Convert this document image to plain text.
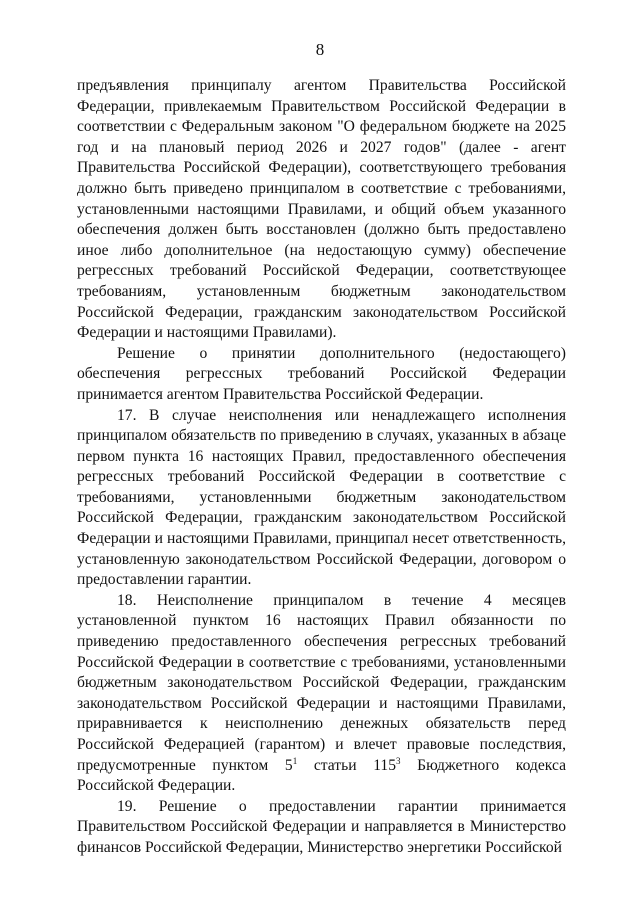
8

предъявления принципалу агентом Правительства Российской Федерации, привлекаемым Правительством Российской Федерации в соответствии с Федеральным законом "О федеральном бюджете на 2025 год и на плановый период 2026 и 2027 годов" (далее - агент Правительства Российской Федерации), соответствующего требования должно быть приведено принципалом в соответствие с требованиями, установленными настоящими Правилами, и общий объем указанного обеспечения должен быть восстановлен (должно быть предоставлено иное либо дополнительное (на недостающую сумму) обеспечение регрессных требований Российской Федерации, соответствующее требованиям, установленным бюджетным законодательством Российской Федерации, гражданским законодательством Российской Федерации и настоящими Правилами).

Решение о принятии дополнительного (недостающего) обеспечения регрессных требований Российской Федерации принимается агентом Правительства Российской Федерации.

17. В случае неисполнения или ненадлежащего исполнения принципалом обязательств по приведению в случаях, указанных в абзаце первом пункта 16 настоящих Правил, предоставленного обеспечения регрессных требований Российской Федерации в соответствие с требованиями, установленными бюджетным законодательством Российской Федерации, гражданским законодательством Российской Федерации и настоящими Правилами, принципал несет ответственность, установленную законодательством Российской Федерации, договором о предоставлении гарантии.

18. Неисполнение принципалом в течение 4 месяцев установленной пунктом 16 настоящих Правил обязанности по приведению предоставленного обеспечения регрессных требований Российской Федерации в соответствие с требованиями, установленными бюджетным законодательством Российской Федерации, гражданским законодательством Российской Федерации и настоящими Правилами, приравнивается к неисполнению денежных обязательств перед Российской Федерацией (гарантом) и влечет правовые последствия, предусмотренные пунктом $5^1$ статьи $115^3$ Бюджетного кодекса Российской Федерации.

19. Решение о предоставлении гарантии принимается Правительством Российской Федерации и направляется в Министерство финансов Российской Федерации, Министерство энергетики Российской
